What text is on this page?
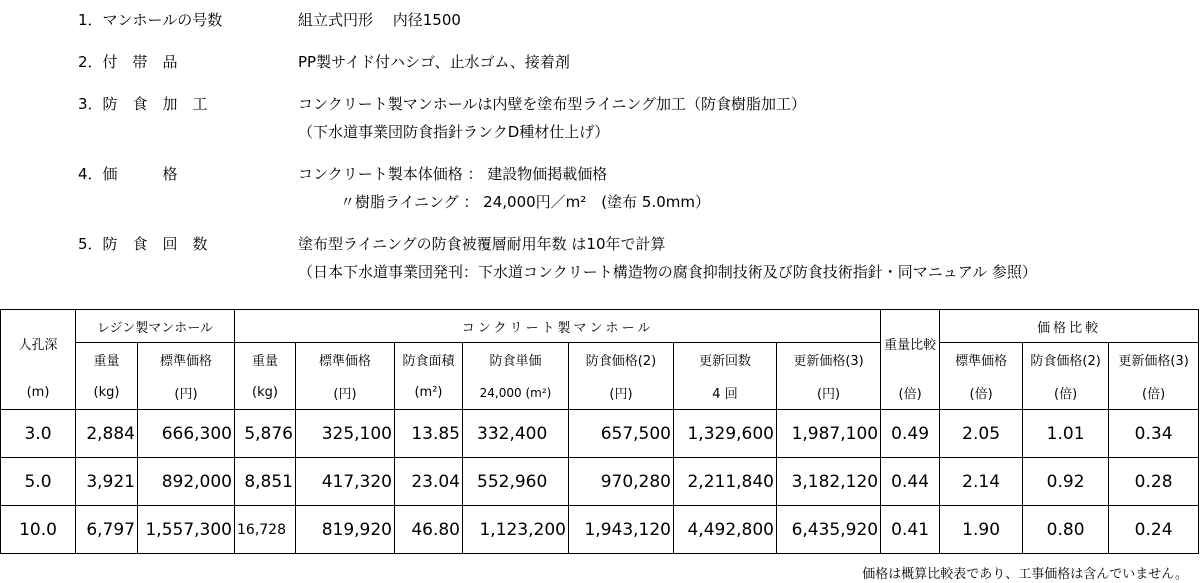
1．マンホールの号数	組立式円形　 内径1500
2．付　帯　品	PP製サイド付ハシゴ、止水ゴム、接着剤
3．防　食　加　工	コンクリート製マンホールは内壁を塗布型ライニング加工（防食樹脂加工）
（下水道事業団防食指針ランクD種材仕上げ）
4．価　　　格	コンクリート製本体価格 ： 建設物価掲載価格
〃樹脂ライニング ： 24,000円／m²　(塗布 5.0mm）
5．防　食　回　数	塗布型ライニングの防食被覆層耐用年数 は10年で計算
（日本下水道事業団発刊：下水道コンクリート構造物の腐食抑制技術及び防食技術指針・同マニュアル 参照）
人孔深	レジン製マンホール		コンクリート製マンホール							重量比較	価格比較		
	重量	標準価格	重量	標準価格	防食面積	防食単価	防食価格(2)	更新回数	更新価格(3)		標準価格	防食価格(2)	更新価格(3)
(m)	(kg)	(円)	(kg)	(円)	(m²)	24,000 (m²)	(円)	4 回	(円)	(倍)	(倍)	(倍)	(倍)
3.0	2,884	666,300	5,876	325,100	13.85	332,400	657,500	1,329,600	1,987,100	0.49	2.05	1.01	0.34
5.0	3,921	892,000	8,851	417,320	23.04	552,960	970,280	2,211,840	3,182,120	0.44	2.14	0.92	0.28
10.0	6,797	1,557,300	16,728	819,920	46.80	1,123,200	1,943,120	4,492,800	6,435,920	0.41	1.90	0.80	0.24
価格は概算比較表であり、工事価格は含んでいません。
